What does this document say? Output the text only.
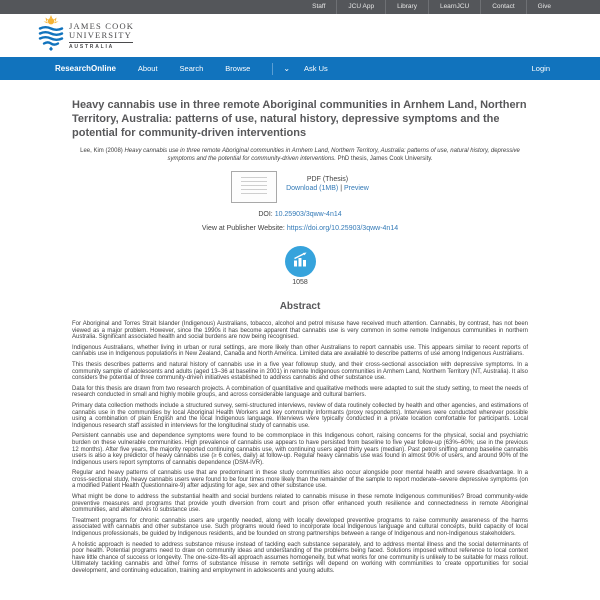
Staff	JCU App	Library	LearnJCU	Contact	Give
JAMES COOK
UNIVERSITY
AUSTRALIA
ResearchOnline	About	Search	Browse	⌄ Ask Us	Login
Heavy cannabis use in three remote Aboriginal communities in Arnhem Land, Northern Territory, Australia: patterns of use, natural history, depressive symptoms and the potential for community-driven interventions

Lee, Kim (2008) Heavy cannabis use in three remote Aboriginal communities in Arnhem Land, Northern Territory, Australia: patterns of use, natural history, depressive symptoms and the potential for community-driven interventions. PhD thesis, James Cook University.

PDF (Thesis)
Download (1MB) | Preview
DOI: 10.25903/3qww-4n14
View at Publisher Website: https://doi.org/10.25903/3qww-4n14
1058
Abstract

For Aboriginal and Torres Strait Islander (Indigenous) Australians, tobacco, alcohol and petrol misuse have received much attention. Cannabis, by contrast, has not been viewed as a major problem. However, since the 1990s it has become apparent that cannabis use is very common in some remote Indigenous communities in northern Australia. Significant associated health and social burdens are now being recognised.

Indigenous Australians, whether living in urban or rural settings, are more likely than other Australians to report cannabis use. This appears similar to recent reports of cannabis use in Indigenous populations in New Zealand, Canada and North America. Limited data are available to describe patterns of use among Indigenous Australians.

This thesis describes patterns and natural history of cannabis use in a five year followup study, and their cross-sectional association with depressive symptoms. In a community sample of adolescents and adults (aged 13–36 at baseline in 2001) in remote Indigenous communities in Arnhem Land, Northern Territory (NT, Australia). It also considers the potential of three community-driven initiatives established to address cannabis and other substance use.

Data for this thesis are drawn from two research projects. A combination of quantitative and qualitative methods were adapted to suit the study setting, to meet the needs of research conducted in small and highly mobile groups, and across considerable language and cultural barriers.

Primary data collection methods include a structured survey, semi-structured interviews, review of data routinely collected by health and other agencies, and estimations of cannabis use in the communities by local Aboriginal Health Workers and key community informants (proxy respondents). Interviews were conducted wherever possible using a combination of plain English and the local Indigenous language. Interviews were typically conducted in a private location comfortable for participants. Local Indigenous research staff assisted in interviews for the longitudinal study of cannabis use.

Persistent cannabis use and dependence symptoms were found to be commonplace in this Indigenous cohort, raising concerns for the physical, social and psychiatric burden on these vulnerable communities. High prevalence of cannabis use appears to have persisted from baseline to five year follow-up (63%–60%; use in the previous 12 months). After five years, the majority reported continuing cannabis use, with continuing users aged thirty years (median). Past petrol sniffing among baseline cannabis users is also a key predictor of heavy cannabis use (≥ 6 cones, daily) at follow-up. Regular heavy cannabis use was found in almost 90% of users, and around 90% of the Indigenous users report symptoms of cannabis dependence (DSM-IVR).

Regular and heavy patterns of cannabis use that are predominant in these study communities also occur alongside poor mental health and severe disadvantage. In a cross-sectional study, heavy cannabis users were found to be four times more likely than the remainder of the sample to report moderate–severe depressive symptoms (on a modified Patient Health Questionnaire-9) after adjusting for age, sex and other substance use.

What might be done to address the substantial health and social burdens related to cannabis misuse in these remote Indigenous communities? Broad community-wide preventive measures and programs that provide youth diversion from court and prison offer enhanced youth resilience and connectedness in remote Aboriginal communities, and alternatives to substance use.

Treatment programs for chronic cannabis users are urgently needed, along with locally developed preventive programs to raise community awareness of the harms associated with cannabis and other substance use. Such programs would need to incorporate local Indigenous language and cultural concepts, build capacity of local Indigenous professionals, be guided by Indigenous residents, and be founded on strong partnerships between a range of Indigenous and non-Indigenous stakeholders.

A holistic approach is needed to address substance misuse instead of tackling each substance separately, and to address mental illness and the social determinants of poor health. Potential programs need to draw on community ideas and understanding of the problems being faced. Solutions imposed without reference to local context have little chance of success or longevity. The one-size-fits-all approach assumes homogeneity, but what works for one community is unlikely to be suitable for mass rollout. Ultimately tackling cannabis and other forms of substance misuse in remote settings will depend on working with communities to create opportunities for social development, and continuing education, training and employment in adolescents and young adults.
